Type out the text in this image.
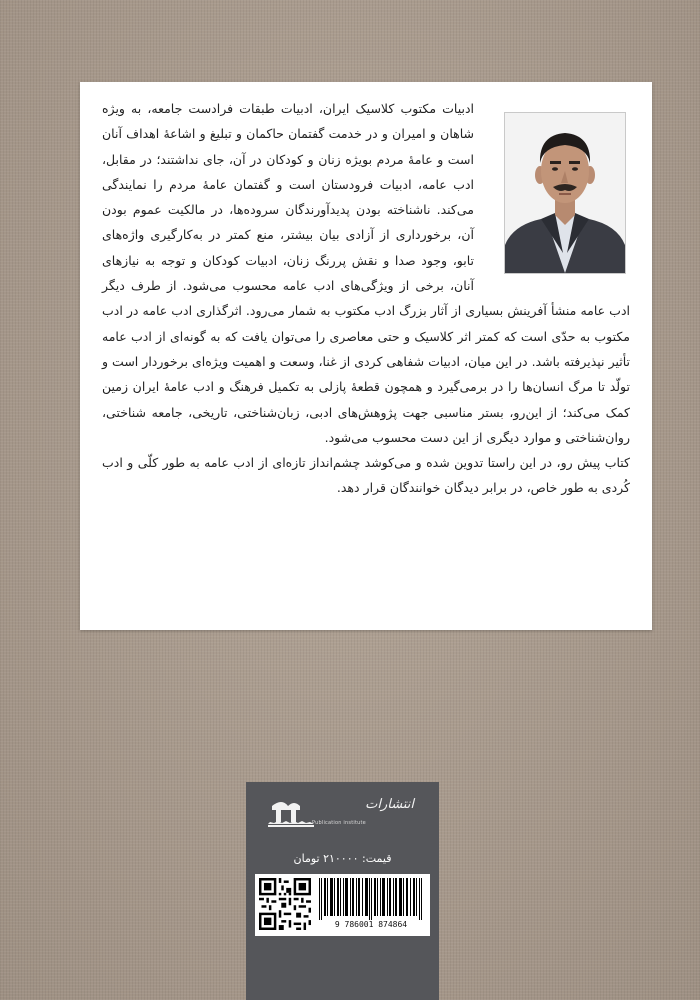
ادبیات مکتوب کلاسیک ایران، ادبیات طبقات فرادست جامعه، به ویژه شاهان و امیران و در خدمت گفتمان حاکمان و تبلیغ و اشاعهٔ اهداف آنان است و عامهٔ مردم بویژه زنان و کودکان در آن، جای نداشتند؛ در مقابل، ادب عامه، ادبیات فرودستان است و گفتمان عامهٔ مردم را نمایندگی می‌کند. ناشناخته بودن پدیدآورندگان سروده‌ها، در مالکیت عموم بودن آن، برخورداری از آزادی بیان بیشتر، منع کمتر در به‌کارگیری واژه‌های تابو، وجود صدا و نقش پررنگ زنان، ادبیات کودکان و توجه به نیازهای آنان، برخی از ویژگی‌های ادب عامه محسوب می‌شود. از طرف دیگر ادب عامه منشأ آفرینش بسیاری از آثار بزرگ ادب مکتوب به شمار می‌رود. اثرگذاری ادب عامه در ادب مکتوب به حدّی است که کمتر اثر کلاسیک و حتی معاصری را می‌توان یافت که به گونه‌ای از ادب عامه تأثیر نپذیرفته باشد. در این میان، ادبیات شفاهی کردی از غنا، وسعت و اهمیت ویژه‌ای برخوردار است و تولّد تا مرگ انسان‌ها را در برمی‌گیرد و همچون قطعهٔ پازلی به تکمیل فرهنگ و ادب عامهٔ ایران زمین کمک می‌کند؛ از این‌رو، بستر مناسبی جهت پژوهش‌های ادبی، زبان‌شناختی، تاریخی، جامعه شناختی، روان‌شناختی و موارد دیگری از این دست محسوب می‌شود.

کتاب پیش رو، در این راستا تدوین شده و می‌کوشد چشم‌انداز تازه‌ای از ادب عامه به طور کلّی و ادب کُردی به طور خاص، در برابر دیدگان خوانندگان قرار دهد.

انتشارات
Publication institute
قیمت: ۲۱۰۰۰۰ تومان
9 786001 874864
